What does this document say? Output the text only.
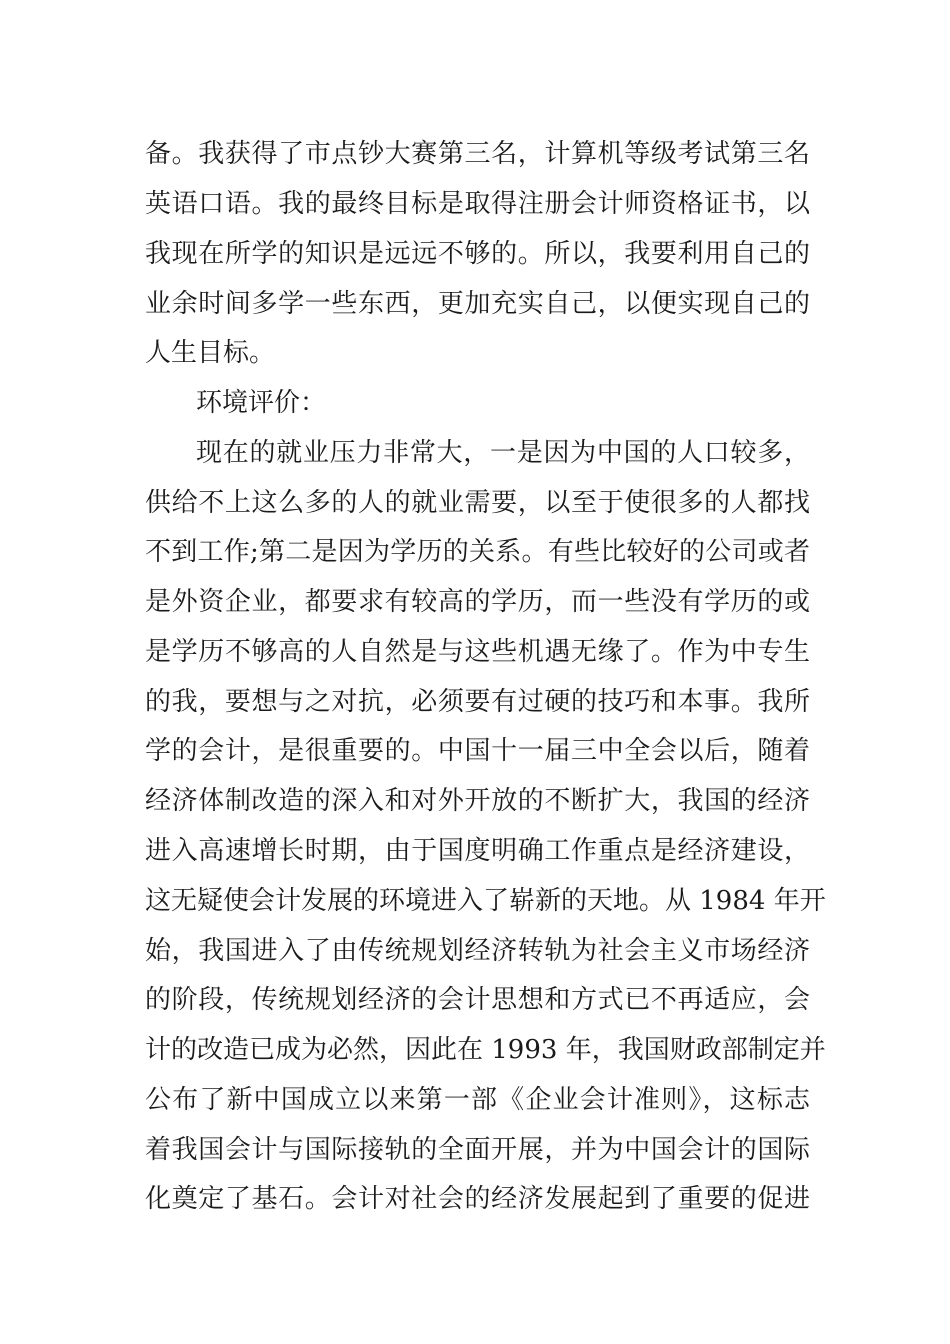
备。我获得了市点钞大赛第三名，计算机等级考试第三名
英语口语。我的最终目标是取得注册会计师资格证书，以
我现在所学的知识是远远不够的。所以，我要利用自己的
业余时间多学一些东西，更加充实自己，以便实现自己的
人生目标。
环境评价：
现在的就业压力非常大，一是因为中国的人口较多，
供给不上这么多的人的就业需要，以至于使很多的人都找
不到工作;第二是因为学历的关系。有些比较好的公司或者
是外资企业，都要求有较高的学历，而一些没有学历的或
是学历不够高的人自然是与这些机遇无缘了。作为中专生
的我，要想与之对抗，必须要有过硬的技巧和本事。我所
学的会计，是很重要的。中国十一届三中全会以后，随着
经济体制改造的深入和对外开放的不断扩大，我国的经济
进入高速增长时期，由于国度明确工作重点是经济建设，
这无疑使会计发展的环境进入了崭新的天地。从 1984 年开
始，我国进入了由传统规划经济转轨为社会主义市场经济
的阶段，传统规划经济的会计思想和方式已不再适应，会
计的改造已成为必然，因此在 1993 年，我国财政部制定并
公布了新中国成立以来第一部《企业会计准则》，这标志
着我国会计与国际接轨的全面开展，并为中国会计的国际
化奠定了基石。会计对社会的经济发展起到了重要的促进
